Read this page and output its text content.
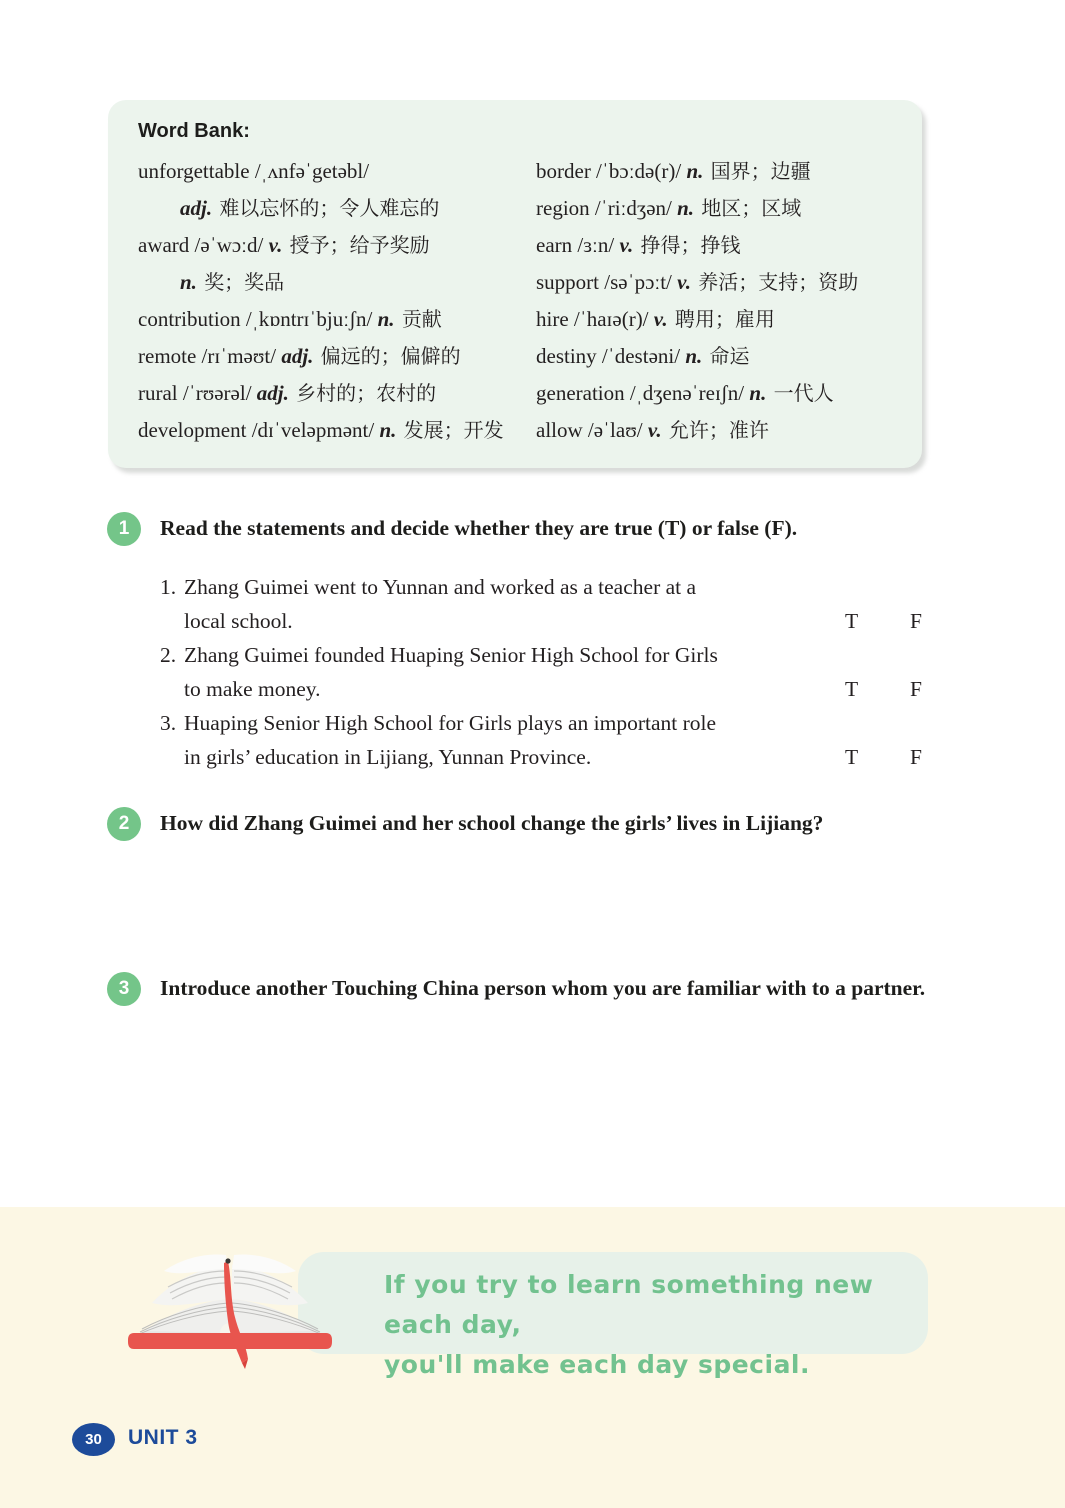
Word Bank:
unforgettable /ˌʌnfəˈgetəbl/
adj. 难以忘怀的；令人难忘的
award /əˈwɔːd/ v. 授予；给予奖励
n. 奖；奖品
contribution /ˌkɒntrɪˈbjuːʃn/ n. 贡献
remote /rɪˈməʊt/ adj. 偏远的；偏僻的
rural /ˈrʊərəl/ adj. 乡村的；农村的
development /dɪˈveləpmənt/ n. 发展；开发
border /ˈbɔːdə(r)/ n. 国界；边疆
region /ˈriːdʒən/ n. 地区；区域
earn /ɜːn/ v. 挣得；挣钱
support /səˈpɔːt/ v. 养活；支持；资助
hire /ˈhaɪə(r)/ v. 聘用；雇用
destiny /ˈdestəni/ n. 命运
generation /ˌdʒenəˈreɪʃn/ n. 一代人
allow /əˈlaʊ/ v. 允许；准许
1	Read the statements and decide whether they are true (T) or false (F).
1. Zhang Guimei went to Yunnan and worked as a teacher at a
local school.	T F
2. Zhang Guimei founded Huaping Senior High School for Girls
to make money.	T F
3. Huaping Senior High School for Girls plays an important role
in girls’ education in Lijiang, Yunnan Province.	T F
2	How did Zhang Guimei and her school change the girls’ lives in Lijiang?
3	Introduce another Touching China person whom you are familiar with to a partner.
If you try to learn something new each day,
you'll make each day special.
30	UNIT 3
